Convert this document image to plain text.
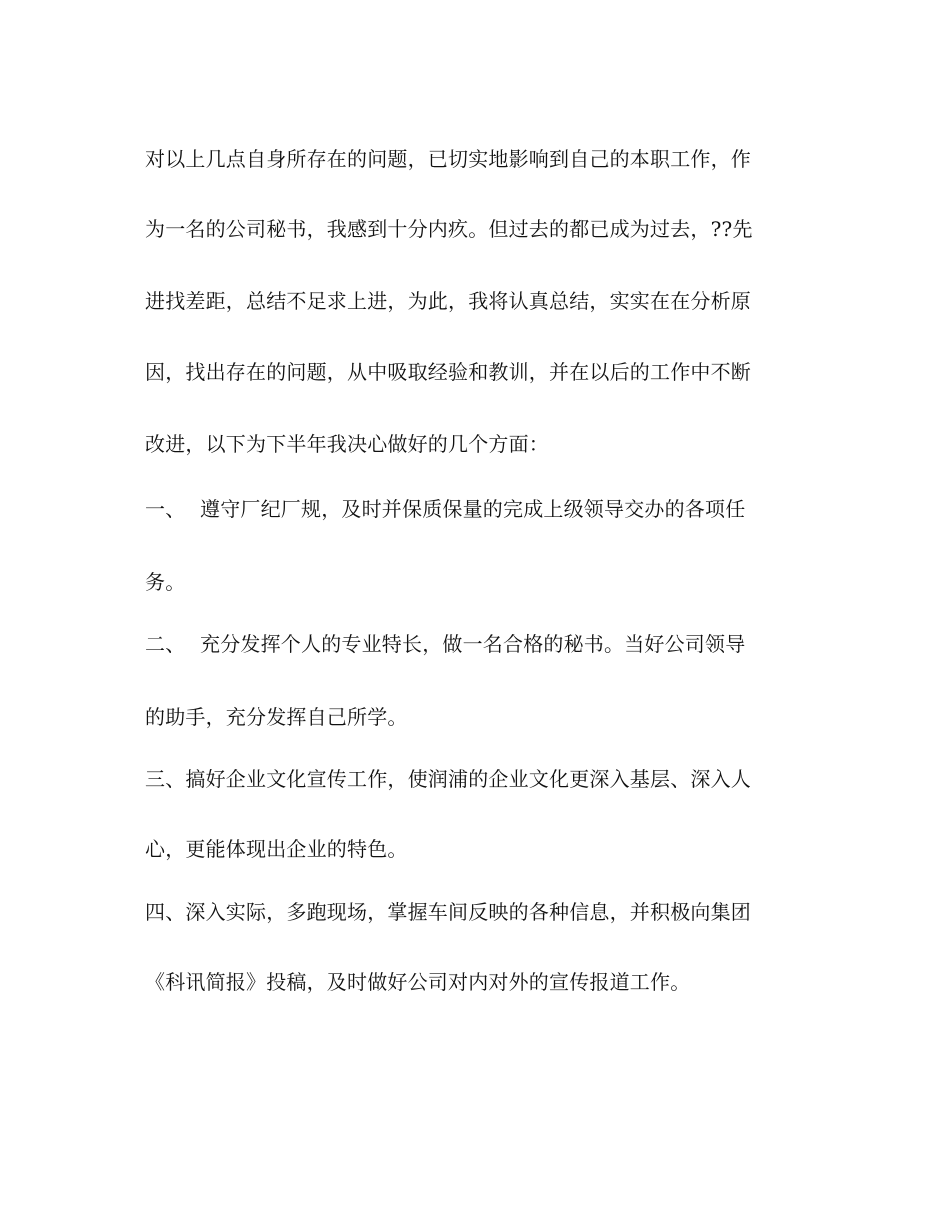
对以上几点自身所存在的问题，已切实地影响到自己的本职工作，作
为一名的公司秘书，我感到十分内疚。但过去的都已成为过去，??先
进找差距，总结不足求上进，为此，我将认真总结，实实在在分析原
因，找出存在的问题，从中吸取经验和教训，并在以后的工作中不断
改进，以下为下半年我决心做好的几个方面：
一、 遵守厂纪厂规，及时并保质保量的完成上级领导交办的各项任
务。
二、 充分发挥个人的专业特长，做一名合格的秘书。当好公司领导
的助手，充分发挥自己所学。
三、搞好企业文化宣传工作，使润浦的企业文化更深入基层、深入人
心，更能体现出企业的特色。
四、深入实际，多跑现场，掌握车间反映的各种信息，并积极向集团
《科讯简报》投稿，及时做好公司对内对外的宣传报道工作。
